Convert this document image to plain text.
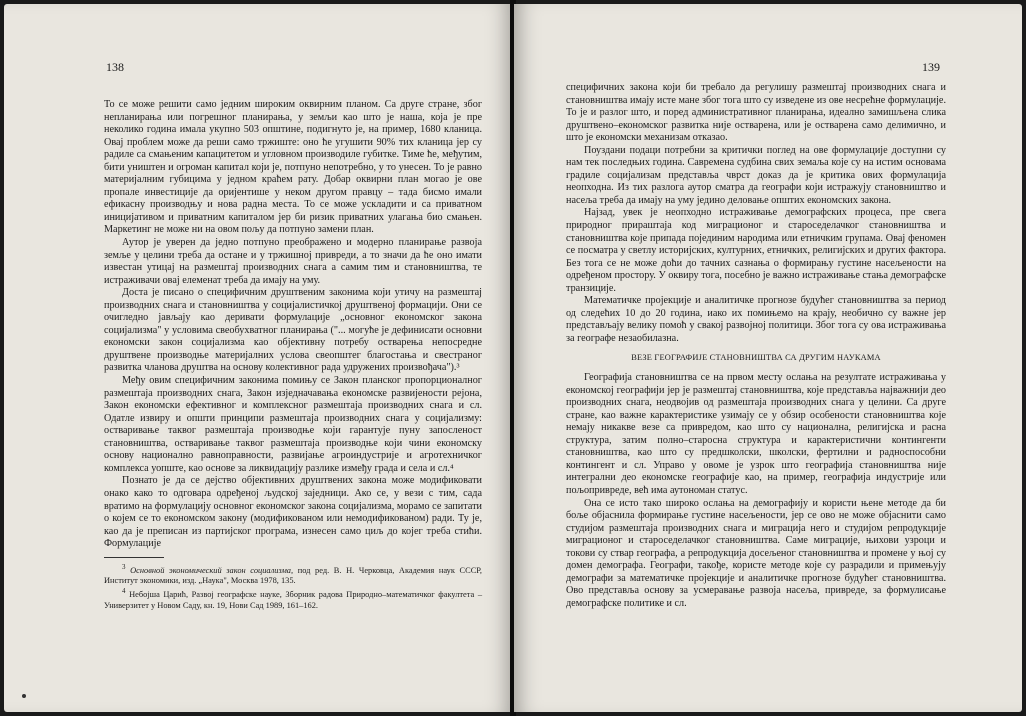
138

То се може решити само једним широким оквирним планом. Са друге стране, због непланирања или погрешног планирања, у земљи као што је наша, која је пре неколико година имала укупно 503 општине, подигнуто је, на пример, 1680 кланица. Овај проблем може да реши само тржиште: оно ће угушити 90% тих кланица јер су радиле са смањеним капацитетом и угловном производиле губитке. Тиме ће, међутим, бити уништен и огроман капитал који је, потпуно непотребно, у то унесен. То је равно материјалним губицима у једном краћем рату. Добар оквирни план могао је ове пропале инвестиције да оријентише у неком другом правцу – тада бисмо имали ефикасну производњу и нова радна места. То се може ускладити и са приватном иницијативом и приватним капиталом јер би ризик приватних улагања био смањен. Маркетинг не може ни на овом пољу да потпуно замени план.

Аутор је уверен да једно потпуно преображено и модерно планирање развоја земље у целини треба да остане и у тржишној привреди, а то значи да ће оно имати известан утицај на размештај производних снага а самим тим и становништва, те истраживачи овај елеменат треба да имају на уму.

Доста је писано о специфичним друштвеним законима који утичу на размештај производних снага и становништва у социјалистичкој друштвеној формацији. Они се очигледно јављају као деривати формулације „основног економског закона социјализма" у условима свеобухватног планирања ("... могуће је дефинисати основни економски закон социјализма као објективну потребу остварења непосредне друштвене производње материјалних услова свеопштег благостања и свестраног развитка чланова друштва на основу колективног рада удружених произвођача").³

Међу овим специфичним законима помињу се Закон планског пропорционалног размештаја производних снага, Закон изједначавања економске развијености рејона, Закон економски ефективног и комплексног размештаја производних снага и сл. Одатле извиру и општи принципи размештаја производних снага у социјализму: остваривање таквог размештаја производње који гарантује пуну запосленост становништва, остваривање таквог размештаја производње који чини економску основу национално равноправности, развијање агроиндустрије и агротехничког комплекса уопште, као основе за ликвидацију разлике између града и села и сл.⁴

Познато је да се дејство објективних друштвених закона може модификовати онако како то одговара одређеној људској заједници. Ако се, у вези с тим, сада вратимо на формулацију основног економског закона социјализма, морамо се запитати о којем се то економском закону (модификованом или немодификованом) ради. Ту је, као да је преписан из партијског програма, изнесен само циљ до којег треба стићи. Формулације

$^3$ Основной экономический закон социализма, под ред. В. Н. Черковца, Академия наук СССР, Институт экономики, изд. „Наука", Москва 1978, 135.

$^4$ Небојша Царић, Развој географске науке, Зборник радова Природно–математичког факултета – Универзитет у Новом Саду, кн. 19, Нови Сад 1989, 161–162.

139

специфичних закона који би требало да регулишу размештај производних снага и становништва имају исте мане због тога што су изведене из ове несрећне формулације. То је и разлог што, и поред административног планирања, идеално замишљена слика друштвено–економског развитка није остварена, или је остварена само делимично, и што је економски механизам отказао.

Поуздани подаци потребни за критички поглед на ове формулације доступни су нам тек последњих година. Савремена судбина свих земаља које су на истим основама градиле социјализам представља чврст доказ да је критика ових формулација неопходна. Из тих разлога аутор сматра да географи који истражују становништво и насеља треба да имају на уму једино деловање општих економских закона.

Најзад, увек је неопходно истраживање демографских процеса, пре свега природног прираштаја код миграционог и староседелачког становништва и становништва које припада појединим народима или етничким групама. Овај феномен се посматра у светлу историјских, културних, етничких, религијских и других фактора. Без тога се не може доћи до тачних сазнања о формирању густине насељености на одређеном простору. У оквиру тога, посебно је важно истраживање стања демографске транзиције.

Математичке пројекције и аналитичке прогнозе будућег становништва за период од следећих 10 до 20 година, иако их помињемо на крају, необично су важне јер представљају велику помоћ у свакој развојној политици. Због тога су ова истраживања за географе незаобилазна.

ВЕЗЕ ГЕОГРАФИЈЕ СТАНОВНИШТВА СА ДРУГИМ НАУКАМА

Географија становништва се на првом месту ослања на резултате истраживања у економској географији јер је размештај становништва, које представља најважнији део производних снага, неодвојив од размештаја производних снага у целини. Са друге стране, као важне карактеристике узимају се у обзир особености становништва које немају никакве везе са привредом, као што су национална, религијска и расна структура, затим полно–старосна структура и карактеристични контингенти становништва, као што су предшколски, школски, фертилни и радноспособни контингент и сл. Управо у овоме је узрок што географија становништва није интегрални део економске географије као, на пример, географија индустрије или пољопривреде, већ има аутономан статус.

Она се исто тако широко ослања на демографију и користи њене методе да би боље објаснила формирање густине насељености, јер се ово не може објаснити само студијом размештаја производних снага и миграција него и студијом репродукције миграционог и староседелачког становништва. Саме миграције, њихови узроци и токови су ствар географа, а репродукција досељеног становништва и промене у њој су домен демографа. Географи, такође, користе методе које су разрадили и примењују демографи за математичке пројекције и аналитичке прогнозе будућег становништва. Ово представља основу за усмеравање развоја насеља, привреде, за формулисање демографске политике и сл.
